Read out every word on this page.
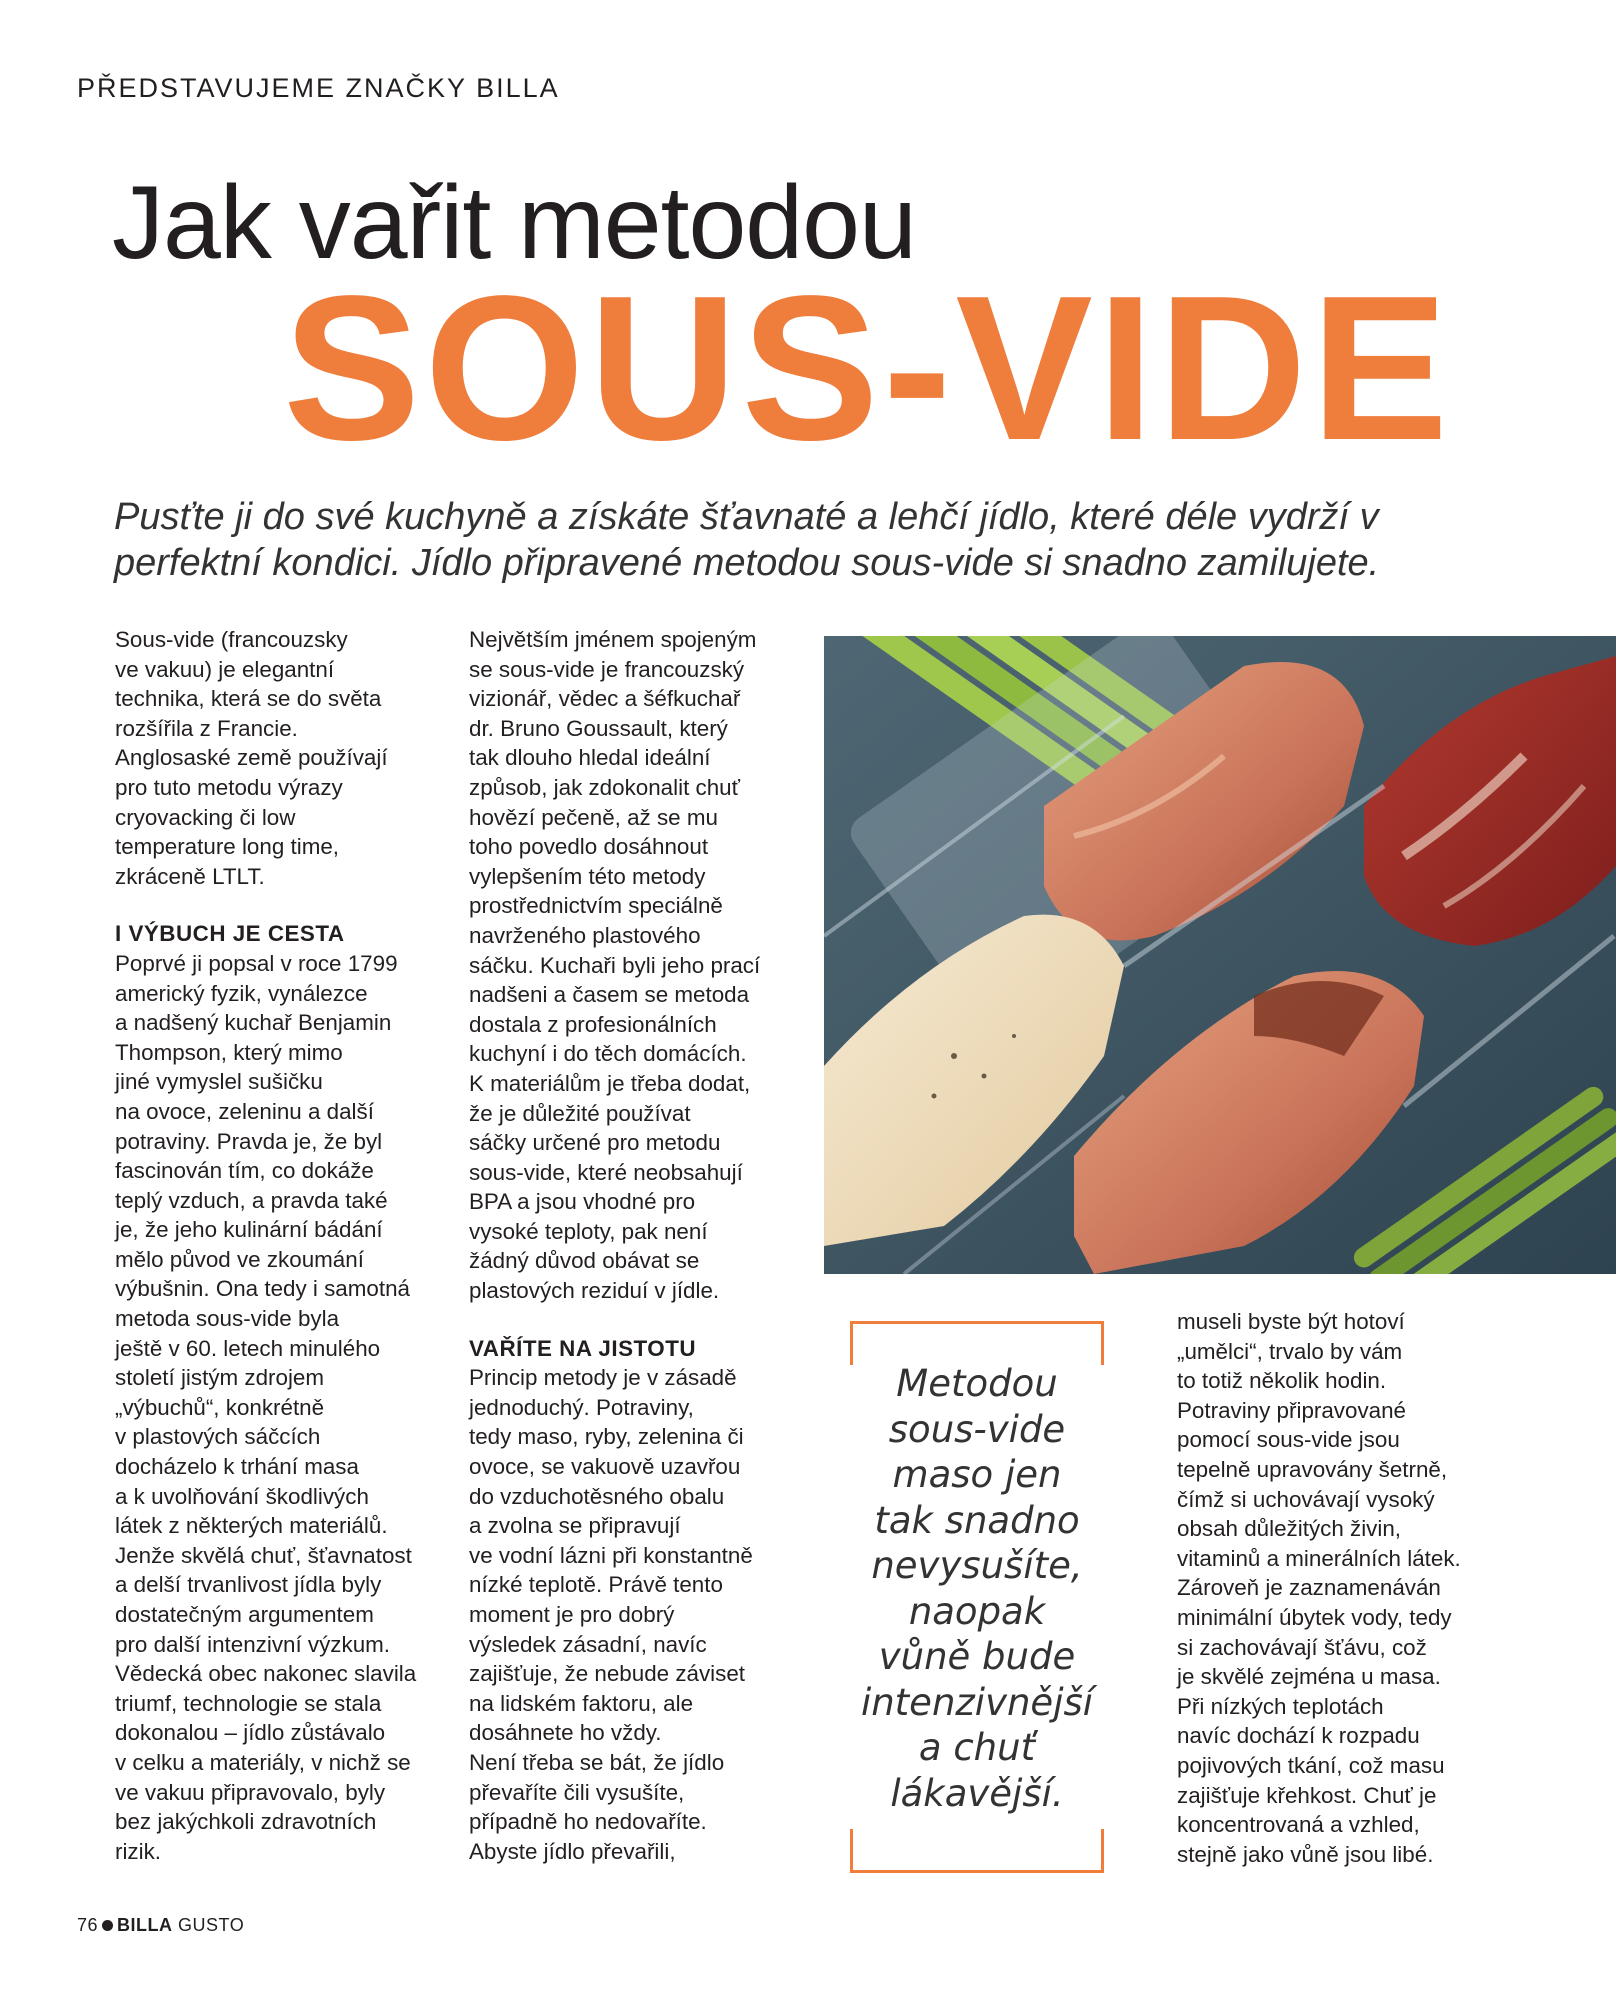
PŘEDSTAVUJEME ZNAČKY BILLA
Jak vařit metodou
SOUS-VIDE
Pusťte ji do své kuchyně a získáte šťavnaté a lehčí jídlo, které déle vydrží v perfektní kondici. Jídlo připravené metodou sous-vide si snadno zamilujete.

Sous-vide (francouzsky
ve vakuu) je elegantní
technika, která se do světa
rozšířila z Francie.
Anglosaské země používají
pro tuto metodu výrazy
cryovacking či low
temperature long time,
zkráceně LTLT.

I VÝBUCH JE CESTA

Poprvé ji popsal v roce 1799
americký fyzik, vynálezce
a nadšený kuchař Benjamin
Thompson, který mimo
jiné vymyslel sušičku
na ovoce, zeleninu a další
potraviny. Pravda je, že byl
fascinován tím, co dokáže
teplý vzduch, a pravda také
je, že jeho kulinární bádání
mělo původ ve zkoumání
výbušnin. Ona tedy i samotná
metoda sous-vide byla
ještě v 60. letech minulého
století jistým zdrojem
„výbuchů“, konkrétně
v plastových sáčcích
docházelo k trhání masa
a k uvolňování škodlivých
látek z některých materiálů.
Jenže skvělá chuť, šťavnatost
a delší trvanlivost jídla byly
dostatečným argumentem
pro další intenzivní výzkum.
Vědecká obec nakonec slavila
triumf, technologie se stala
dokonalou – jídlo zůstávalo
v celku a materiály, v nichž se
ve vakuu připravovalo, byly
bez jakýchkoli zdravotních
rizik.

Největším jménem spojeným
se sous-vide je francouzský
vizionář, vědec a šéfkuchař
dr. Bruno Goussault, který
tak dlouho hledal ideální
způsob, jak zdokonalit chuť
hovězí pečeně, až se mu
toho povedlo dosáhnout
vylepšením této metody
prostřednictvím speciálně
navrženého plastového
sáčku. Kuchaři byli jeho prací
nadšeni a časem se metoda
dostala z profesionálních
kuchyní i do těch domácích.
K materiálům je třeba dodat,
že je důležité používat
sáčky určené pro metodu
sous-vide, které neobsahují
BPA a jsou vhodné pro
vysoké teploty, pak není
žádný důvod obávat se
plastových reziduí v jídle.

VAŘÍTE NA JISTOTU

Princip metody je v zásadě
jednoduchý. Potraviny,
tedy maso, ryby, zelenina či
ovoce, se vakuově uzavřou
do vzduchotěsného obalu
a zvolna se připravují
ve vodní lázni při konstantně
nízké teplotě. Právě tento
moment je pro dobrý
výsledek zásadní, navíc
zajišťuje, že nebude záviset
na lidském faktoru, ale
dosáhnete ho vždy.
Není třeba se bát, že jídlo
převaříte čili vysušíte,
případně ho nedovaříte.
Abyste jídlo převařili,

Metodou
sous-vide
maso jen
tak snadno
nevysušíte,
naopak
vůně bude
intenzivnější
a chuť
lákavější.

museli byste být hotoví
„umělci“, trvalo by vám
to totiž několik hodin.
Potraviny připravované
pomocí sous-vide jsou
tepelně upravovány šetrně,
čímž si uchovávají vysoký
obsah důležitých živin,
vitaminů a minerálních látek.
Zároveň je zaznamenáván
minimální úbytek vody, tedy
si zachovávají šťávu, což
je skvělé zejména u masa.
Při nízkých teplotách
navíc dochází k rozpadu
pojivových tkání, což masu
zajišťuje křehkost. Chuť je
koncentrovaná a vzhled,
stejně jako vůně jsou libé.

76 BILLA GUSTO
